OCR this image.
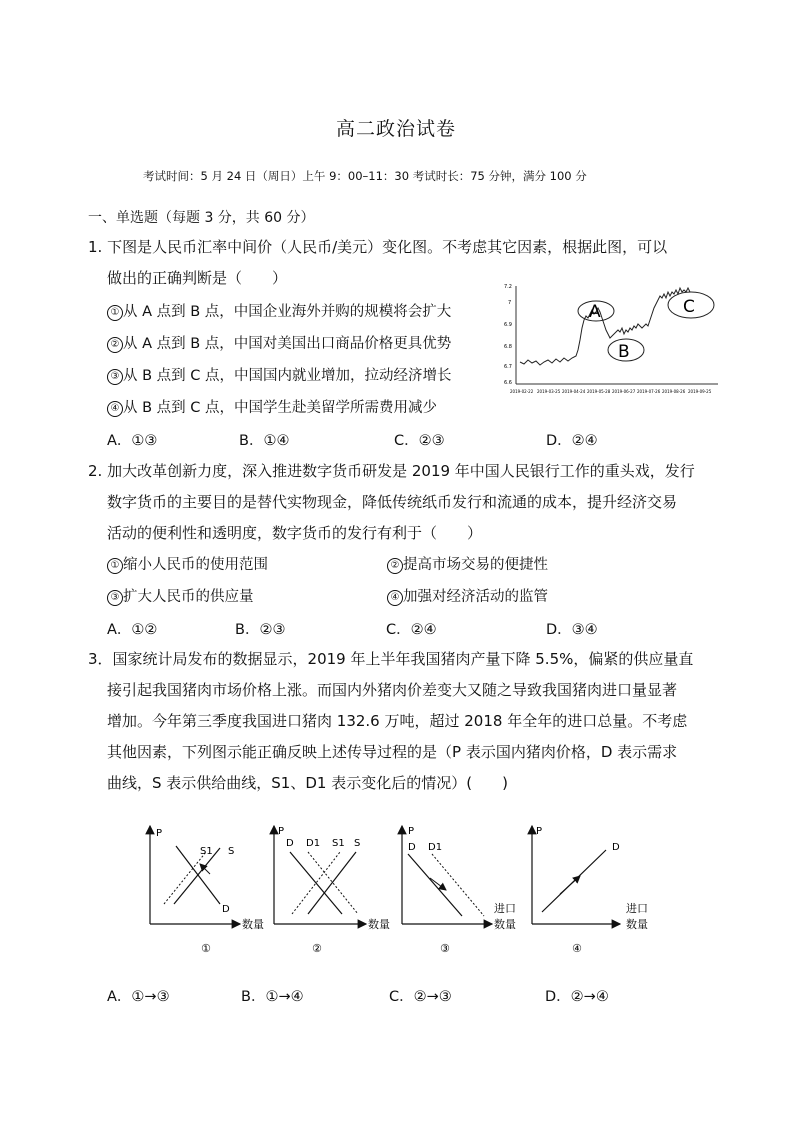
高二政治试卷
考试时间：5 月 24 日（周日）上午 9：00–11：30 考试时长：75 分钟，满分 100 分
一、单选题（每题 3 分，共 60 分）
1. 下图是人民币汇率中间价（人民币/美元）变化图。不考虑其它因素，根据此图，可以
做出的正确判断是（　　）
① 从 A 点到 B 点，中国企业海外并购的规模将会扩大
② 从 A 点到 B 点，中国对美国出口商品价格更具优势
③ 从 B 点到 C 点，中国国内就业增加，拉动经济增长
④ 从 B 点到 C 点，中国学生赴美留学所需费用减少
7.2
7
6.9
6.8
6.7
6.6
A
B
C
2019-02-22 2019-03-25 2019-04-24 2019-05-28 2019-06-27 2019-07-26 2019-08-26 2019-09-25
A．①③	B．①④	C．②③	D．②④
2. 加大改革创新力度，深入推进数字货币研发是 2019 年中国人民银行工作的重头戏，发行
数字货币的主要目的是替代实物现金，降低传统纸币发行和流通的成本，提升经济交易
活动的便利性和透明度，数字货币的发行有利于（　　）
① 缩小人民币的使用范围	② 提高市场交易的便捷性
③ 扩大人民币的供应量	④ 加强对经济活动的监管
A．①②	B．②③	C．②④	D．③④
3．国家统计局发布的数据显示，2019 年上半年我国猪肉产量下降 5.5%，偏紧的供应量直
接引起我国猪肉市场价格上涨。而国内外猪肉价差变大又随之导致我国猪肉进口量显著
增加。今年第三季度我国进口猪肉 132.6 万吨，超过 2018 年全年的进口总量。不考虑
其他因素，下列图示能正确反映上述传导过程的是（P 表示国内猪肉价格，D 表示需求
曲线，S 表示供给曲线，S1、D1 表示变化后的情况）(　　)
P
数量
S1 S
D
①
P
数量
D D1 S1 S
②
P
数量
D D1
③
P
进口	进口
数量
D
④
A．①→③	B．①→④	C．②→③	D．②→④
